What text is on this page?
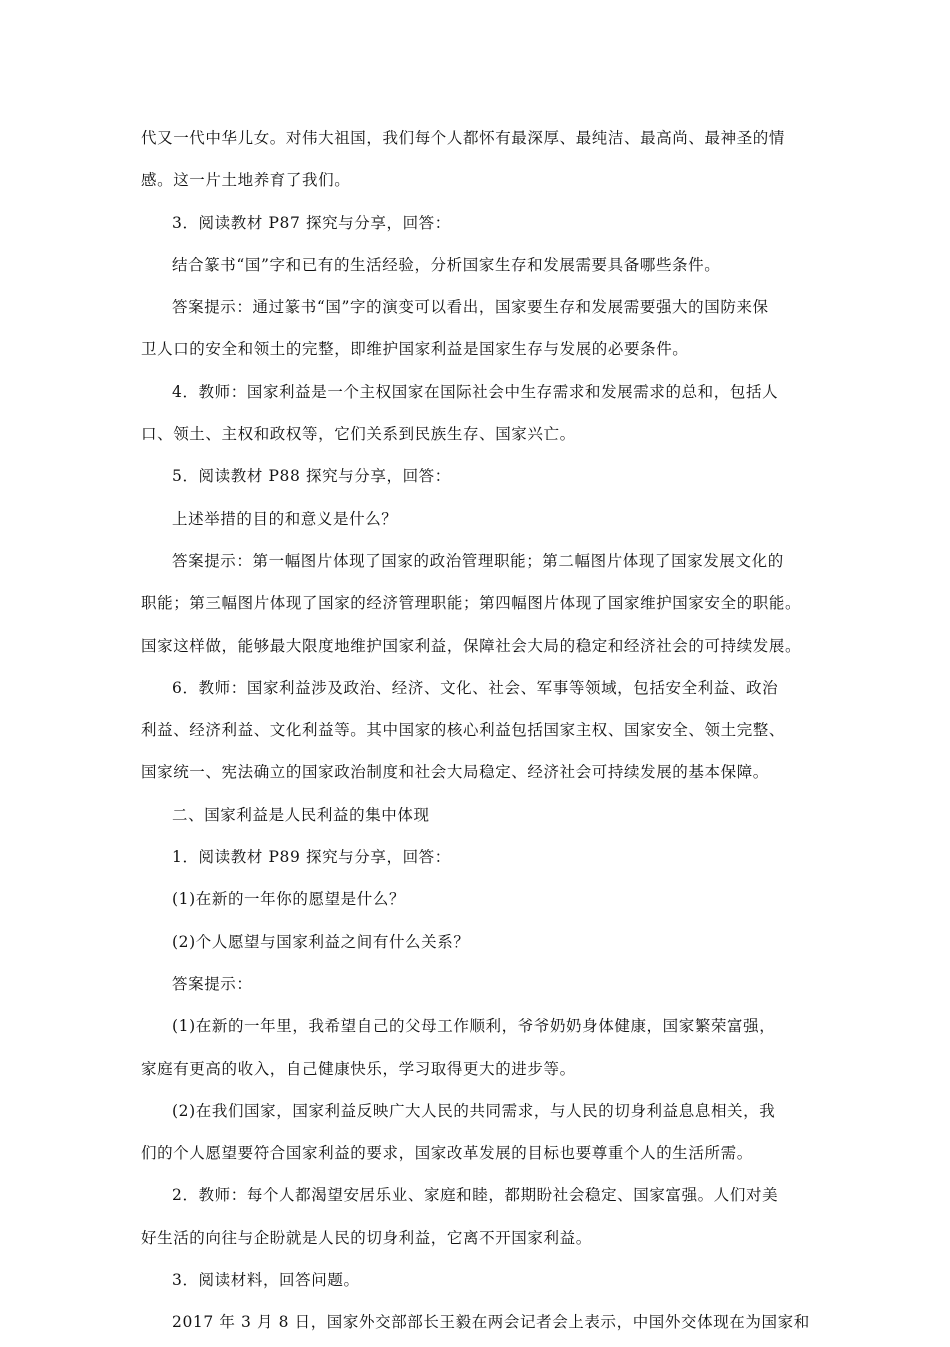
代又一代中华儿女。对伟大祖国，我们每个人都怀有最深厚、最纯洁、最高尚、最神圣的情
感。这一片土地养育了我们。
3．阅读教材 P87 探究与分享，回答：
结合篆书“国”字和已有的生活经验，分析国家生存和发展需要具备哪些条件。
答案提示：通过篆书“国”字的演变可以看出，国家要生存和发展需要强大的国防来保
卫人口的安全和领土的完整，即维护国家利益是国家生存与发展的必要条件。
4．教师：国家利益是一个主权国家在国际社会中生存需求和发展需求的总和，包括人
口、领土、主权和政权等，它们关系到民族生存、国家兴亡。
5．阅读教材 P88 探究与分享，回答：
上述举措的目的和意义是什么？
答案提示：第一幅图片体现了国家的政治管理职能；第二幅图片体现了国家发展文化的
职能；第三幅图片体现了国家的经济管理职能；第四幅图片体现了国家维护国家安全的职能。
国家这样做，能够最大限度地维护国家利益，保障社会大局的稳定和经济社会的可持续发展。
6．教师：国家利益涉及政治、经济、文化、社会、军事等领域，包括安全利益、政治
利益、经济利益、文化利益等。其中国家的核心利益包括国家主权、国家安全、领土完整、
国家统一、宪法确立的国家政治制度和社会大局稳定、经济社会可持续发展的基本保障。
二、国家利益是人民利益的集中体现
1．阅读教材 P89 探究与分享，回答：
(1)在新的一年你的愿望是什么？
(2)个人愿望与国家利益之间有什么关系？
答案提示：
(1)在新的一年里，我希望自己的父母工作顺利，爷爷奶奶身体健康，国家繁荣富强，
家庭有更高的收入，自己健康快乐，学习取得更大的进步等。
(2)在我们国家，国家利益反映广大人民的共同需求，与人民的切身利益息息相关，我
们的个人愿望要符合国家利益的要求，国家改革发展的目标也要尊重个人的生活所需。
2．教师：每个人都渴望安居乐业、家庭和睦，都期盼社会稳定、国家富强。人们对美
好生活的向往与企盼就是人民的切身利益，它离不开国家利益。
3．阅读材料，回答问题。
2017 年 3 月 8 日，国家外交部部长王毅在两会记者会上表示，中国外交体现在为国家和
